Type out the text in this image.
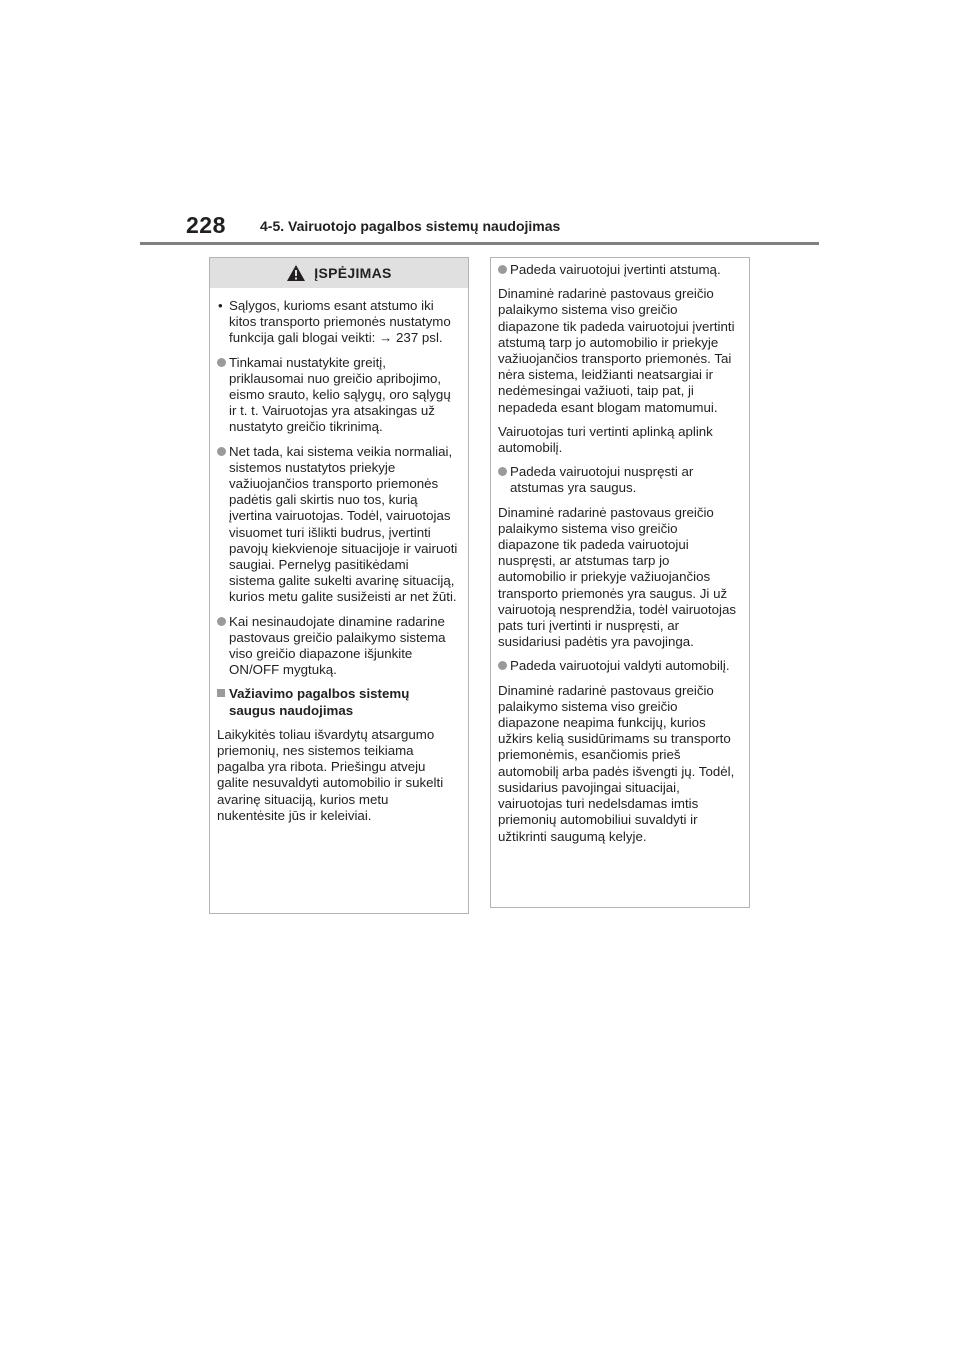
228 4-5. Vairuotojo pagalbos sistemų naudojimas
ĮSPĖJIMAS
• Sąlygos, kurioms esant atstumo iki kitos transporto priemonės nustatymo funkcija gali blogai veikti: → 237 psl.
Tinkamai nustatykite greitį, priklausomai nuo greičio apribojimo, eismo srauto, kelio sąlygų, oro sąlygų ir t. t. Vairuotojas yra atsakingas už nustatyto greičio tikrinimą.
Net tada, kai sistema veikia normaliai, sistemos nustatytos priekyje važiuojančios transporto priemonės padėtis gali skirtis nuo tos, kurią įvertina vairuotojas. Todėl, vairuotojas visuomet turi išlikti budrus, įvertinti pavojų kiekvienoje situacijoje ir vairuoti saugiai. Pernelyg pasitikėdami sistema galite sukelti avarinę situaciją, kurios metu galite susižeisti ar net žūti.
Kai nesinaudojate dinamine radarine pastovaus greičio palaikymo sistema viso greičio diapazone išjunkite ON/OFF mygtuką.
Važiavimo pagalbos sistemų saugus naudojimas

Laikykitės toliau išvardytų atsargumo priemonių, nes sistemos teikiama pagalba yra ribota. Priešingu atveju galite nesuvaldyti automobilio ir sukelti avarinę situaciją, kurios metu nukentėsite jūs ir keleiviai.

Padeda vairuotojui įvertinti atstumą.

Dinaminė radarinė pastovaus greičio palaikymo sistema viso greičio diapazone tik padeda vairuotojui įvertinti atstumą tarp jo automobilio ir priekyje važiuojančios transporto priemonės. Tai nėra sistema, leidžianti neatsargiai ir nedėmesingai važiuoti, taip pat, ji nepadeda esant blogam matomumui.

Vairuotojas turi vertinti aplinką aplink automobilį.

Padeda vairuotojui nuspręsti ar atstumas yra saugus.

Dinaminė radarinė pastovaus greičio palaikymo sistema viso greičio diapazone tik padeda vairuotojui nuspręsti, ar atstumas tarp jo automobilio ir priekyje važiuojančios transporto priemonės yra saugus. Ji už vairuotoją nesprendžia, todėl vairuotojas pats turi įvertinti ir nuspręsti, ar susidariusi padėtis yra pavojinga.

Padeda vairuotojui valdyti automobilį.

Dinaminė radarinė pastovaus greičio palaikymo sistema viso greičio diapazone neapima funkcijų, kurios užkirs kelią susidūrimams su transporto priemonėmis, esančiomis prieš automobilį arba padės išvengti jų. Todėl, susidarius pavojingai situacijai, vairuotojas turi nedelsdamas imtis priemonių automobiliui suvaldyti ir užtikrinti saugumą kelyje.
